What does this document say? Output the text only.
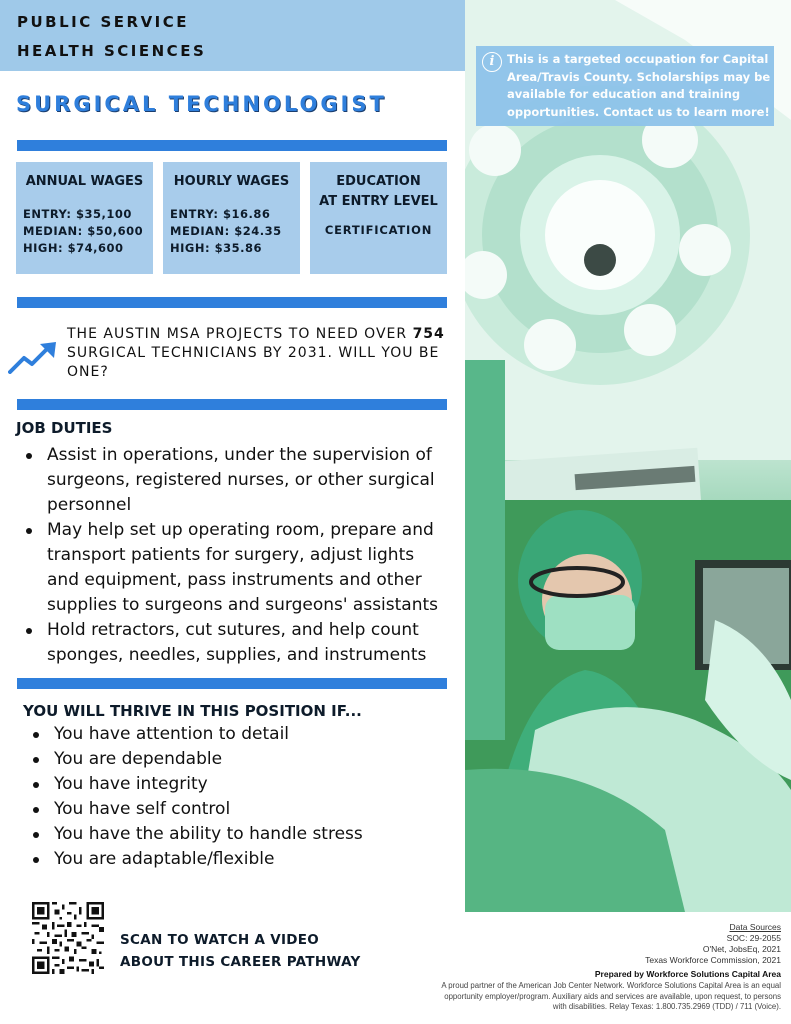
PUBLIC SERVICE
HEALTH SCIENCES
SURGICAL TECHNOLOGIST
ANNUAL WAGES
ENTRY: $35,100
MEDIAN: $50,600
HIGH: $74,600
HOURLY WAGES
ENTRY: $16.86
MEDIAN: $24.35
HIGH: $35.86
EDUCATION
AT ENTRY LEVEL
CERTIFICATION
THE AUSTIN MSA PROJECTS TO NEED OVER 754 SURGICAL TECHNICIANS BY 2031. WILL YOU BE ONE?
JOB DUTIES
Assist in operations, under the supervision of surgeons, registered nurses, or other surgical personnel
May help set up operating room, prepare and transport patients for surgery, adjust lights and equipment, pass instruments and other supplies to surgeons and surgeons' assistants
Hold retractors, cut sutures, and help count sponges, needles, supplies, and instruments
YOU WILL THRIVE IN THIS POSITION IF...
You have attention to detail
You are dependable
You have integrity
You have self control
You have the ability to handle stress
You are adaptable/flexible
SCAN TO WATCH A VIDEO
ABOUT THIS CAREER PATHWAY
i	This is a targeted occupation for Capital Area/Travis County. Scholarships may be available for education and training opportunities. Contact us to learn more!
Data Sources
SOC: 29-2055
O'Net, JobsEq, 2021
Texas Workforce Commission, 2021
Prepared by Workforce Solutions Capital Area
A proud partner of the American Job Center Network. Workforce Solutions Capital Area is an equal opportunity employer/program. Auxiliary aids and services are available, upon request, to persons with disabilities. Relay Texas: 1.800.735.2969 (TDD) / 711 (Voice).
